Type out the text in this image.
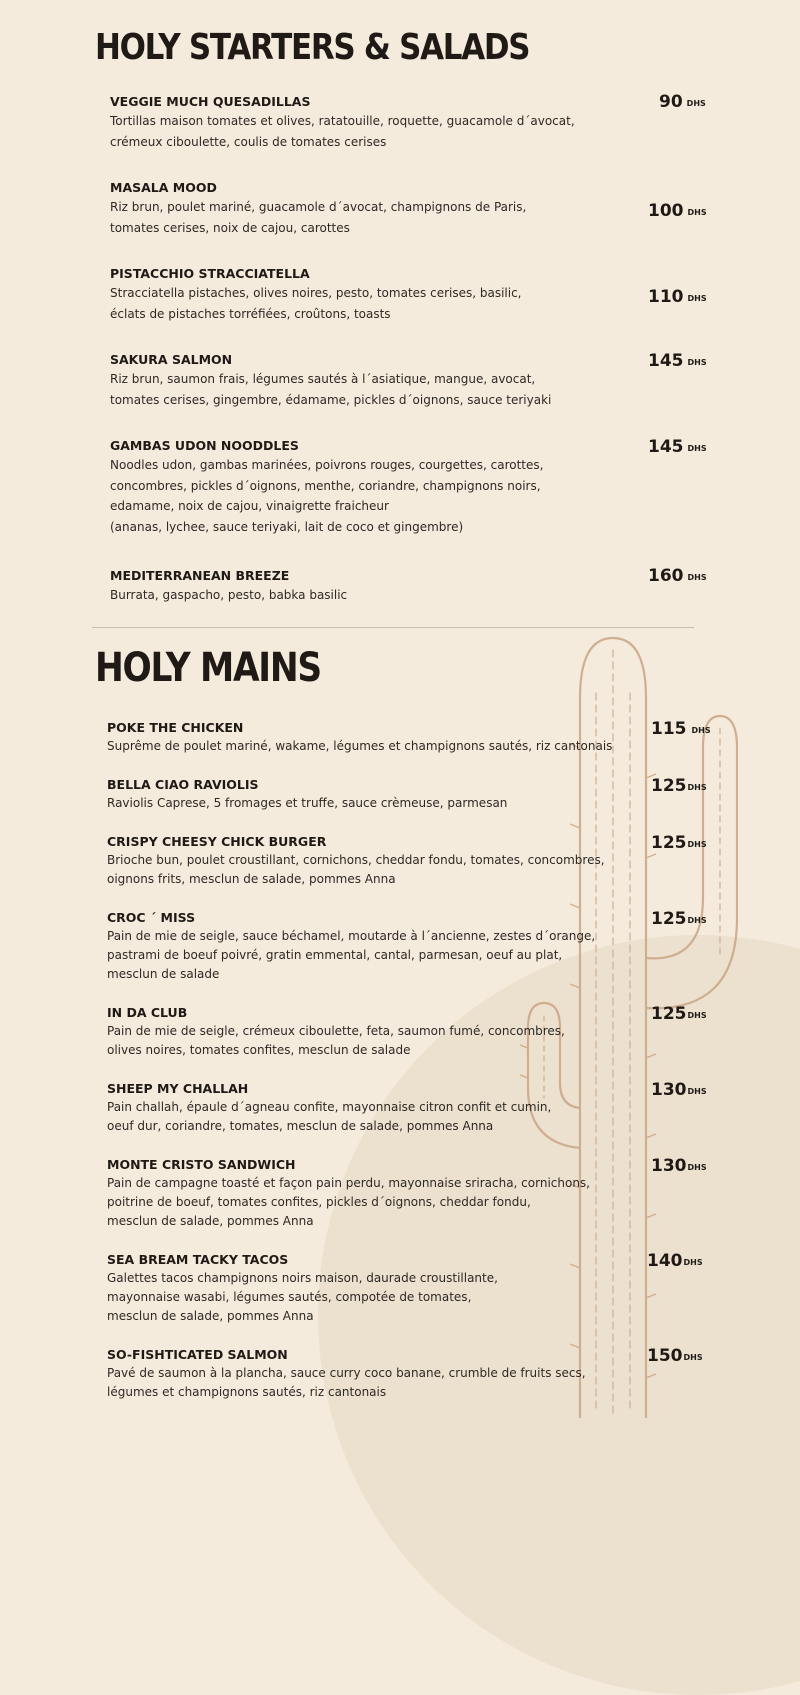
HOLY STARTERS & SALADS
VEGGIE MUCH QUESADILLAS
Tortillas maison tomates et olives, ratatouille, roquette, guacamole d´avocat,
crémeux ciboulette, coulis de tomates cerises
90 DHS
MASALA MOOD
Riz brun, poulet mariné, guacamole d´avocat, champignons de Paris,
tomates cerises, noix de cajou, carottes
100 DHS
PISTACCHIO STRACCIATELLA
Stracciatella pistaches, olives noires, pesto, tomates cerises, basilic,
éclats de pistaches torréfiées, croûtons, toasts
110 DHS
SAKURA SALMON
Riz brun, saumon frais, légumes sautés à l´asiatique, mangue, avocat,
tomates cerises, gingembre, édamame, pickles d´oignons, sauce teriyaki
145 DHS
GAMBAS UDON NOODDLES
Noodles udon, gambas marinées, poivrons rouges, courgettes, carottes,
concombres, pickles d´oignons, menthe, coriandre, champignons noirs,
edamame, noix de cajou, vinaigrette fraicheur
(ananas, lychee, sauce teriyaki, lait de coco et gingembre)
145 DHS
MEDITERRANEAN BREEZE
Burrata, gaspacho, pesto, babka basilic
160 DHS
HOLY MAINS
POKE THE CHICKEN
Suprême de poulet mariné, wakame, légumes et champignons sautés, riz cantonais
115 DHS
BELLA CIAO RAVIOLIS
Raviolis Caprese, 5 fromages et truffe, sauce crèmeuse, parmesan
125DHS
CRISPY CHEESY CHICK BURGER
Brioche bun, poulet croustillant, cornichons, cheddar fondu, tomates, concombres,
oignons frits, mesclun de salade, pommes Anna
125DHS
CROC ´ MISS
Pain de mie de seigle, sauce béchamel, moutarde à l´ancienne, zestes d´orange,
pastrami de boeuf poivré, gratin emmental, cantal, parmesan, oeuf au plat,
mesclun de salade
125DHS
IN DA CLUB
Pain de mie de seigle, crémeux ciboulette, feta, saumon fumé, concombres,
olives noires, tomates confites, mesclun de salade
125DHS
SHEEP MY CHALLAH
Pain challah, épaule d´agneau confite, mayonnaise citron confit et cumin,
oeuf dur, coriandre, tomates, mesclun de salade, pommes Anna
130DHS
MONTE CRISTO SANDWICH
Pain de campagne toasté et façon pain perdu, mayonnaise sriracha, cornichons,
poitrine de boeuf, tomates confites, pickles d´oignons, cheddar fondu,
mesclun de salade, pommes Anna
130DHS
SEA BREAM TACKY TACOS
Galettes tacos champignons noirs maison, daurade croustillante,
mayonnaise wasabi, légumes sautés, compotée de tomates,
mesclun de salade, pommes Anna
140DHS
SO-FISHTICATED SALMON
Pavé de saumon à la plancha, sauce curry coco banane, crumble de fruits secs,
légumes et champignons sautés, riz cantonais
150DHS
